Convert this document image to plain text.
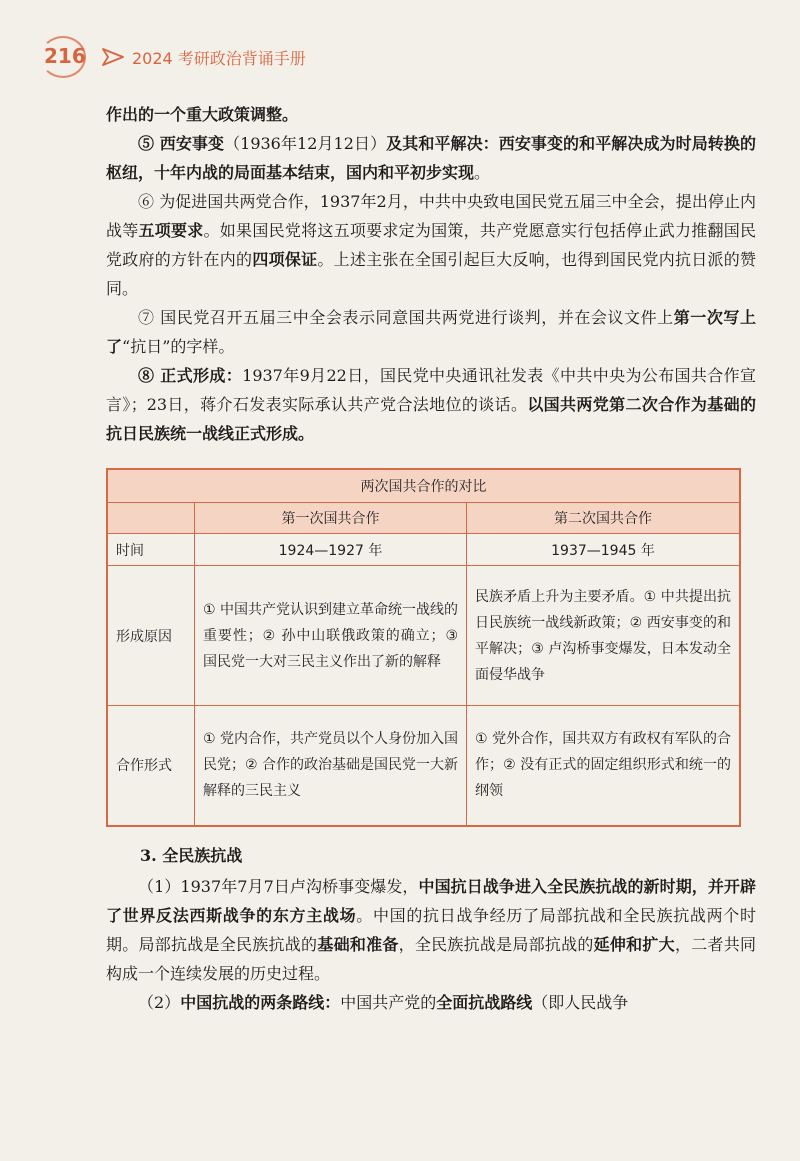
216	2024 考研政治背诵手册

作出的一个重大政策调整。

⑤ 西安事变（1936年12月12日）及其和平解决：西安事变的和平解决成为时局转换的枢纽，十年内战的局面基本结束，国内和平初步实现。

⑥ 为促进国共两党合作，1937年2月，中共中央致电国民党五届三中全会，提出停止内战等五项要求。如果国民党将这五项要求定为国策，共产党愿意实行包括停止武力推翻国民党政府的方针在内的四项保证。上述主张在全国引起巨大反响，也得到国民党内抗日派的赞同。

⑦ 国民党召开五届三中全会表示同意国共两党进行谈判，并在会议文件上第一次写上了“抗日”的字样。

⑧ 正式形成：1937年9月22日，国民党中央通讯社发表《中共中央为公布国共合作宣言》；23日，蒋介石发表实际承认共产党合法地位的谈话。以国共两党第二次合作为基础的抗日民族统一战线正式形成。

两次国共合作的对比		
	第一次国共合作	第二次国共合作
时间	1924—1927 年	1937—1945 年
形成原因	① 中国共产党认识到建立革命统一战线的重要性；② 孙中山联俄政策的确立；③ 国民党一大对三民主义作出了新的解释	民族矛盾上升为主要矛盾。① 中共提出抗日民族统一战线新政策；② 西安事变的和平解决；③ 卢沟桥事变爆发，日本发动全面侵华战争

合作形式	① 党内合作，共产党员以个人身份加入国民党；② 合作的政治基础是国民党一大新解释的三民主义	① 党外合作，国共双方有政权有军队的合作；② 没有正式的固定组织形式和统一的纲领

3. 全民族抗战

（1）1937年7月7日卢沟桥事变爆发，中国抗日战争进入全民族抗战的新时期，并开辟了世界反法西斯战争的东方主战场。中国的抗日战争经历了局部抗战和全民族抗战两个时期。局部抗战是全民族抗战的基础和准备，全民族抗战是局部抗战的延伸和扩大，二者共同构成一个连续发展的历史过程。

（2）中国抗战的两条路线：中国共产党的全面抗战路线（即人民战争
